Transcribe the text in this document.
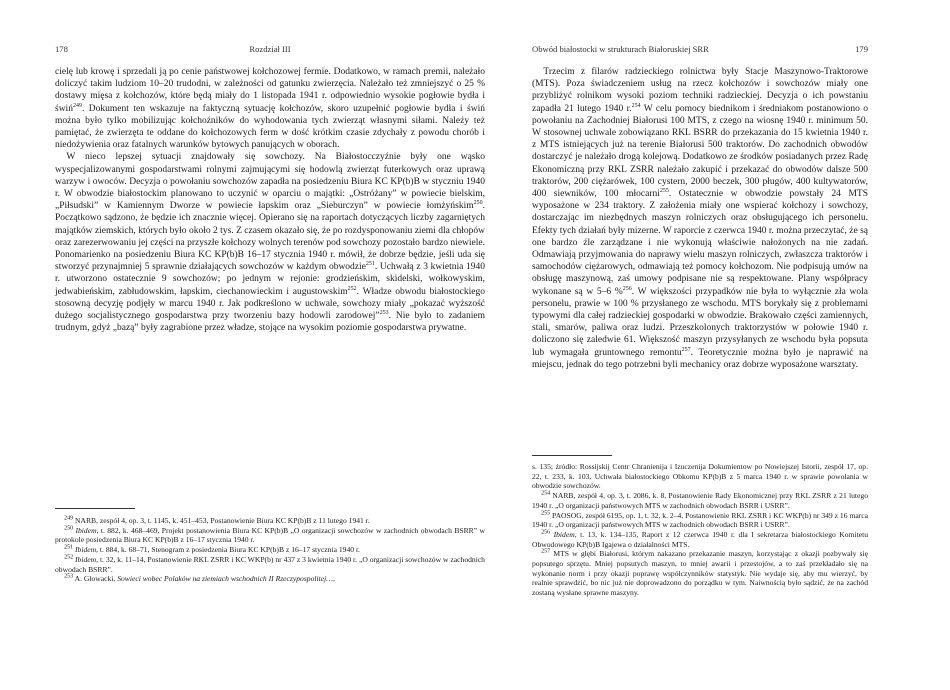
178	Rozdział III

cielę lub krowę i sprzedali ją po cenie państwowej kołchozowej fermie. Dodatkowo, w ramach premii, należało doliczyć takim ludziom 10–20 trudodni, w zależności od gatunku zwierzęcia. Należało też zmniejszyć o 25 % dostawy mięsa z kołchozów, które będą miały do 1 listopada 1941 r. odpowiednio wysokie pogłowie bydła i świń$^{249}$. Dokument ten wskazuje na faktyczną sytuację kołchozów, skoro uzupełnić pogłowie bydła i świń można było tylko mobilizując kołchoźników do wyhodowania tych zwierząt własnymi siłami. Należy też pamiętać, że zwierzęta te oddane do kołchozowych ferm w dość krótkim czasie zdychały z powodu chorób i niedożywienia oraz fatalnych warunków bytowych panujących w oborach.

W nieco lepszej sytuacji znajdowały się sowchozy. Na Białostocczyźnie były one wąsko wyspecjalizowanymi gospodarstwami rolnymi zajmującymi się hodowlą zwierząt futerkowych oraz uprawą warzyw i owoców. Decyzja o powołaniu sowchozów zapadła na posiedzeniu Biura KC KP(b)B w styczniu 1940 r. W obwodzie białostockim planowano to uczynić w oparciu o majątki: „Ostróżany” w powiecie bielskim, „Piłsudski” w Kamiennym Dworze w powiecie łapskim oraz „Sieburczyn” w powiecie łomżyńskim$^{250}$. Początkowo sądzono, że będzie ich znacznie więcej. Opierano się na raportach dotyczących liczby zagarniętych majątków ziemskich, których było około 2 tys. Z czasem okazało się, że po rozdysponowaniu ziemi dla chłopów oraz zarezerwowaniu jej części na przyszłe kołchozy wolnych terenów pod sowchozy pozostało bardzo niewiele. Ponomarienko na posiedzeniu Biura KC KP(b)B 16–17 stycznia 1940 r. mówił, że dobrze będzie, jeśli uda się stworzyć przynajmniej 5 sprawnie działających sowchozów w każdym obwodzie$^{251}$. Uchwałą z 3 kwietnia 1940 r. utworzono ostatecznie 9 sowchozów; po jednym w rejonie: grodzieńskim, skidelski, wołkowyskim, jedwabieńskim, zabłudowskim, łapskim, ciechanowieckim i augustowskim$^{252}$. Władze obwodu białostockiego stosowną decyzję podjęły w marcu 1940 r. Jak podkreślono w uchwale, sowchozy miały „pokazać wyższość dużego socjalistycznego gospodarstwa przy tworzeniu bazy hodowli zarodowej”$^{253}$. Nie było to zadaniem trudnym, gdyż „bazą” były zagrabione przez władze, stojące na wysokim poziomie gospodarstwa prywatne.

$^{249}$ NARB, zespół 4, op. 3, t. 1145, k. 451–453, Postanowienie Biura KC KP(b)B z 11 lutego 1941 r.

$^{250}$ Ibidem, t. 882, k. 468–469, Projekt postanowienia Biura KC KP(b)B „O organizacji sowchozów w zachodnich obwodach BSRR” w protokole posiedzenia Biura KC KP(b)B z 16–17 stycznia 1940 r.

$^{251}$ Ibidem, t. 884, k. 68–71, Stenogram z posiedzenia Biura KC KP(b)B z 16–17 stycznia 1940 r.

$^{252}$ Ibidem, t. 32, k. 11–14, Postanowienie RKL ZSRR i KC WKP(b) nr 437 z 3 kwietnia 1940 r. „O organizacji sowchozów w zachodnich obwodach BSRR”.

$^{253}$ A. Głowacki, Sowieci wobec Polaków na ziemiach wschodnich II Rzeczypospolitej…,

Obwód białostocki w strukturach Białoruskiej SRR	179

Trzecim z filarów radzieckiego rolnictwa były Stacje Maszynowo-Traktorowe (MTS). Poza świadczeniem usług na rzecz kołchozów i sowchozów miały one przybliżyć rolnikom wysoki poziom techniki radzieckiej. Decyzja o ich powstaniu zapadła 21 lutego 1940 r.$^{254}$ W celu pomocy biednikom i średniakom postanowiono o powołaniu na Zachodniej Białorusi 100 MTS, z czego na wiosnę 1940 r. minimum 50. W stosownej uchwale zobowiązano RKL BSRR do przekazania do 15 kwietnia 1940 r. z MTS istniejących już na terenie Białorusi 500 traktorów. Do zachodnich obwodów dostarczyć je należało drogą kolejową. Dodatkowo ze środków posiadanych przez Radę Ekonomiczną przy RKL ZSRR należało zakupić i przekazać do obwodów dalsze 500 traktorów, 200 ciężarówek, 100 cystern, 2000 beczek, 300 pługów, 400 kultywatorów, 400 siewników, 100 młocarni$^{255}$. Ostatecznie w obwodzie powstały 24 MTS wyposażone w 234 traktory. Z założenia miały one wspierać kołchozy i sowchozy, dostarczając im niezbędnych maszyn rolniczych oraz obsługującego ich personelu. Efekty tych działań były mizerne. W raporcie z czerwca 1940 r. można przeczytać, że są one bardzo źle zarządzane i nie wykonują właściwie nałożonych na nie zadań. Odmawiają przyjmowania do naprawy wielu maszyn rolniczych, zwłaszcza traktorów i samochodów ciężarowych, odmawiają też pomocy kołchozom. Nie podpisują umów na obsługę maszynową, zaś umowy podpisane nie są respektowane. Plany współpracy wykonane są w 5–6 %$^{256}$. W większości przypadków nie była to wyłącznie zła wola personelu, prawie w 100 % przysłanego ze wschodu. MTS borykały się z problemami typowymi dla całej radzieckiej gospodarki w obwodzie. Brakowało części zamiennych, stali, smarów, paliwa oraz ludzi. Przeszkolonych traktorzystów w połowie 1940 r. doliczono się zaledwie 61. Większość maszyn przysyłanych ze wschodu była popsuta lub wymagała gruntownego remontu$^{257}$. Teoretycznie można było je naprawić na miejscu, jednak do tego potrzebni byli mechanicy oraz dobrze wyposażone warsztaty.

s. 135; źródło: Rossijskij Centr Chranienija i Izuczenija Dokumientow po Nowiejszej Istorii, zespół 17, op. 22, t. 233, k. 103, Uchwała białostockiego Obkomu KP(b)B z 5 marca 1940 r. w sprawie powołania w obwodzie sowchozów.

$^{254}$ NARB, zespół 4, op. 3, t. 2086, k. 8, Postanowienie Rady Ekonomicznej przy RKL ZSRR z 21 lutego 1940 r. „O organizacji państwowych MTS w zachodnich obwodach BSRR i USRR”.

$^{255}$ PAOSOG, zespół 6195, op. 1, t. 32, k. 2–4, Postanowienie RKL ZSRR i KC WKP(b) nr 349 z 16 marca 1940 r. „O organizacji państwowych MTS w zachodnich obwodach BSRR i USRR”.

$^{256}$ Ibidem, t. 13, k. 134–135, Raport z 12 czerwca 1940 r. dla I sekretarza białostockiego Komitetu Obwodowego KP(b)B Igajewa o działalności MTS.

$^{257}$ MTS w głębi Białorusi, którym nakazano przekazanie maszyn, korzystając z okazji pozbywały się popsutego sprzętu. Mniej popsutych maszyn, to mniej awarii i przestojów, a to zaś przekładało się na wykonanie norm i przy okazji poprawę współczynników statystyk. Nie wydaje się, aby mu wierzyć, by realnie sprawdzić, bo nic już nie doprowadzono do porządku w tym. Naiwnością było sądzić, że na zachód zostaną wysłane sprawne maszyny.
